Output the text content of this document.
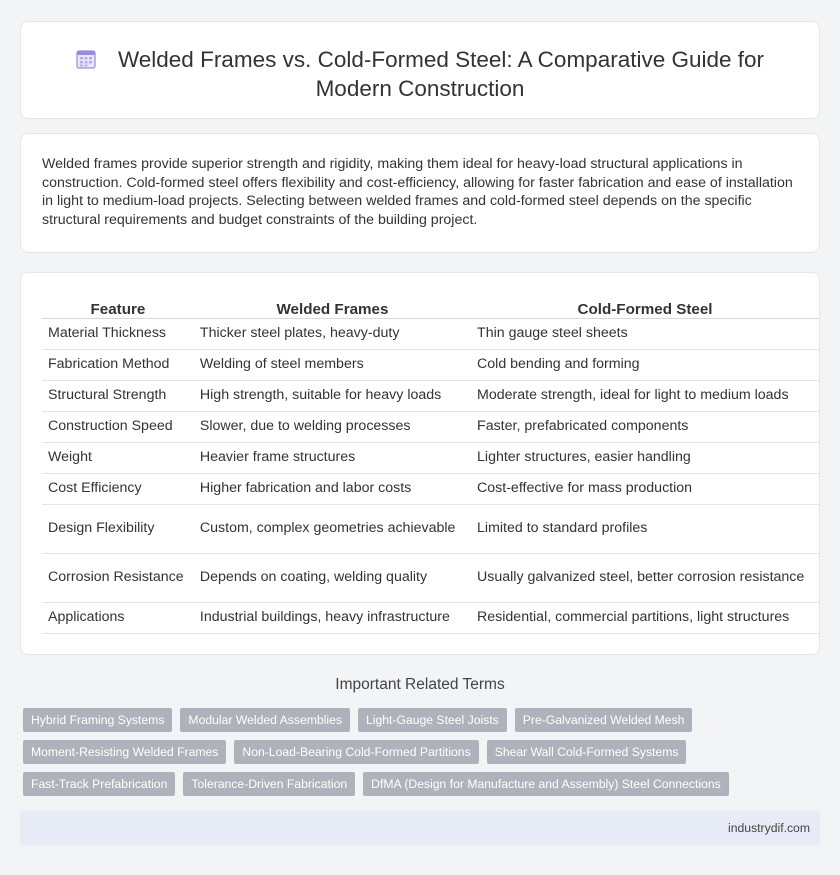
Welded Frames vs. Cold-Formed Steel: A Comparative Guide for
Modern Construction

Welded frames provide superior strength and rigidity, making them ideal for heavy-load structural applications in construction. Cold-formed steel offers flexibility and cost-efficiency, allowing for faster fabrication and ease of installation in light to medium-load projects. Selecting between welded frames and cold-formed steel depends on the specific structural requirements and budget constraints of the building project.

Feature	Welded Frames	Cold-Formed Steel
Material Thickness	Thicker steel plates, heavy-duty	Thin gauge steel sheets
Fabrication Method	Welding of steel members	Cold bending and forming
Structural Strength	High strength, suitable for heavy loads	Moderate strength, ideal for light to medium loads
Construction Speed	Slower, due to welding processes	Faster, prefabricated components
Weight	Heavier frame structures	Lighter structures, easier handling
Cost Efficiency	Higher fabrication and labor costs	Cost-effective for mass production
Design Flexibility	Custom, complex geometries achievable	Limited to standard profiles
Corrosion Resistance	Depends on coating, welding quality	Usually galvanized steel, better corrosion resistance
Applications	Industrial buildings, heavy infrastructure	Residential, commercial partitions, light structures
Important Related Terms
Hybrid Framing Systems	Modular Welded Assemblies	Light-Gauge Steel Joists	Pre-Galvanized Welded Mesh
Moment-Resisting Welded Frames	Non-Load-Bearing Cold-Formed Partitions	Shear Wall Cold-Formed Systems
Fast-Track Prefabrication	Tolerance-Driven Fabrication	DfMA (Design for Manufacture and Assembly) Steel Connections
industrydif.com
